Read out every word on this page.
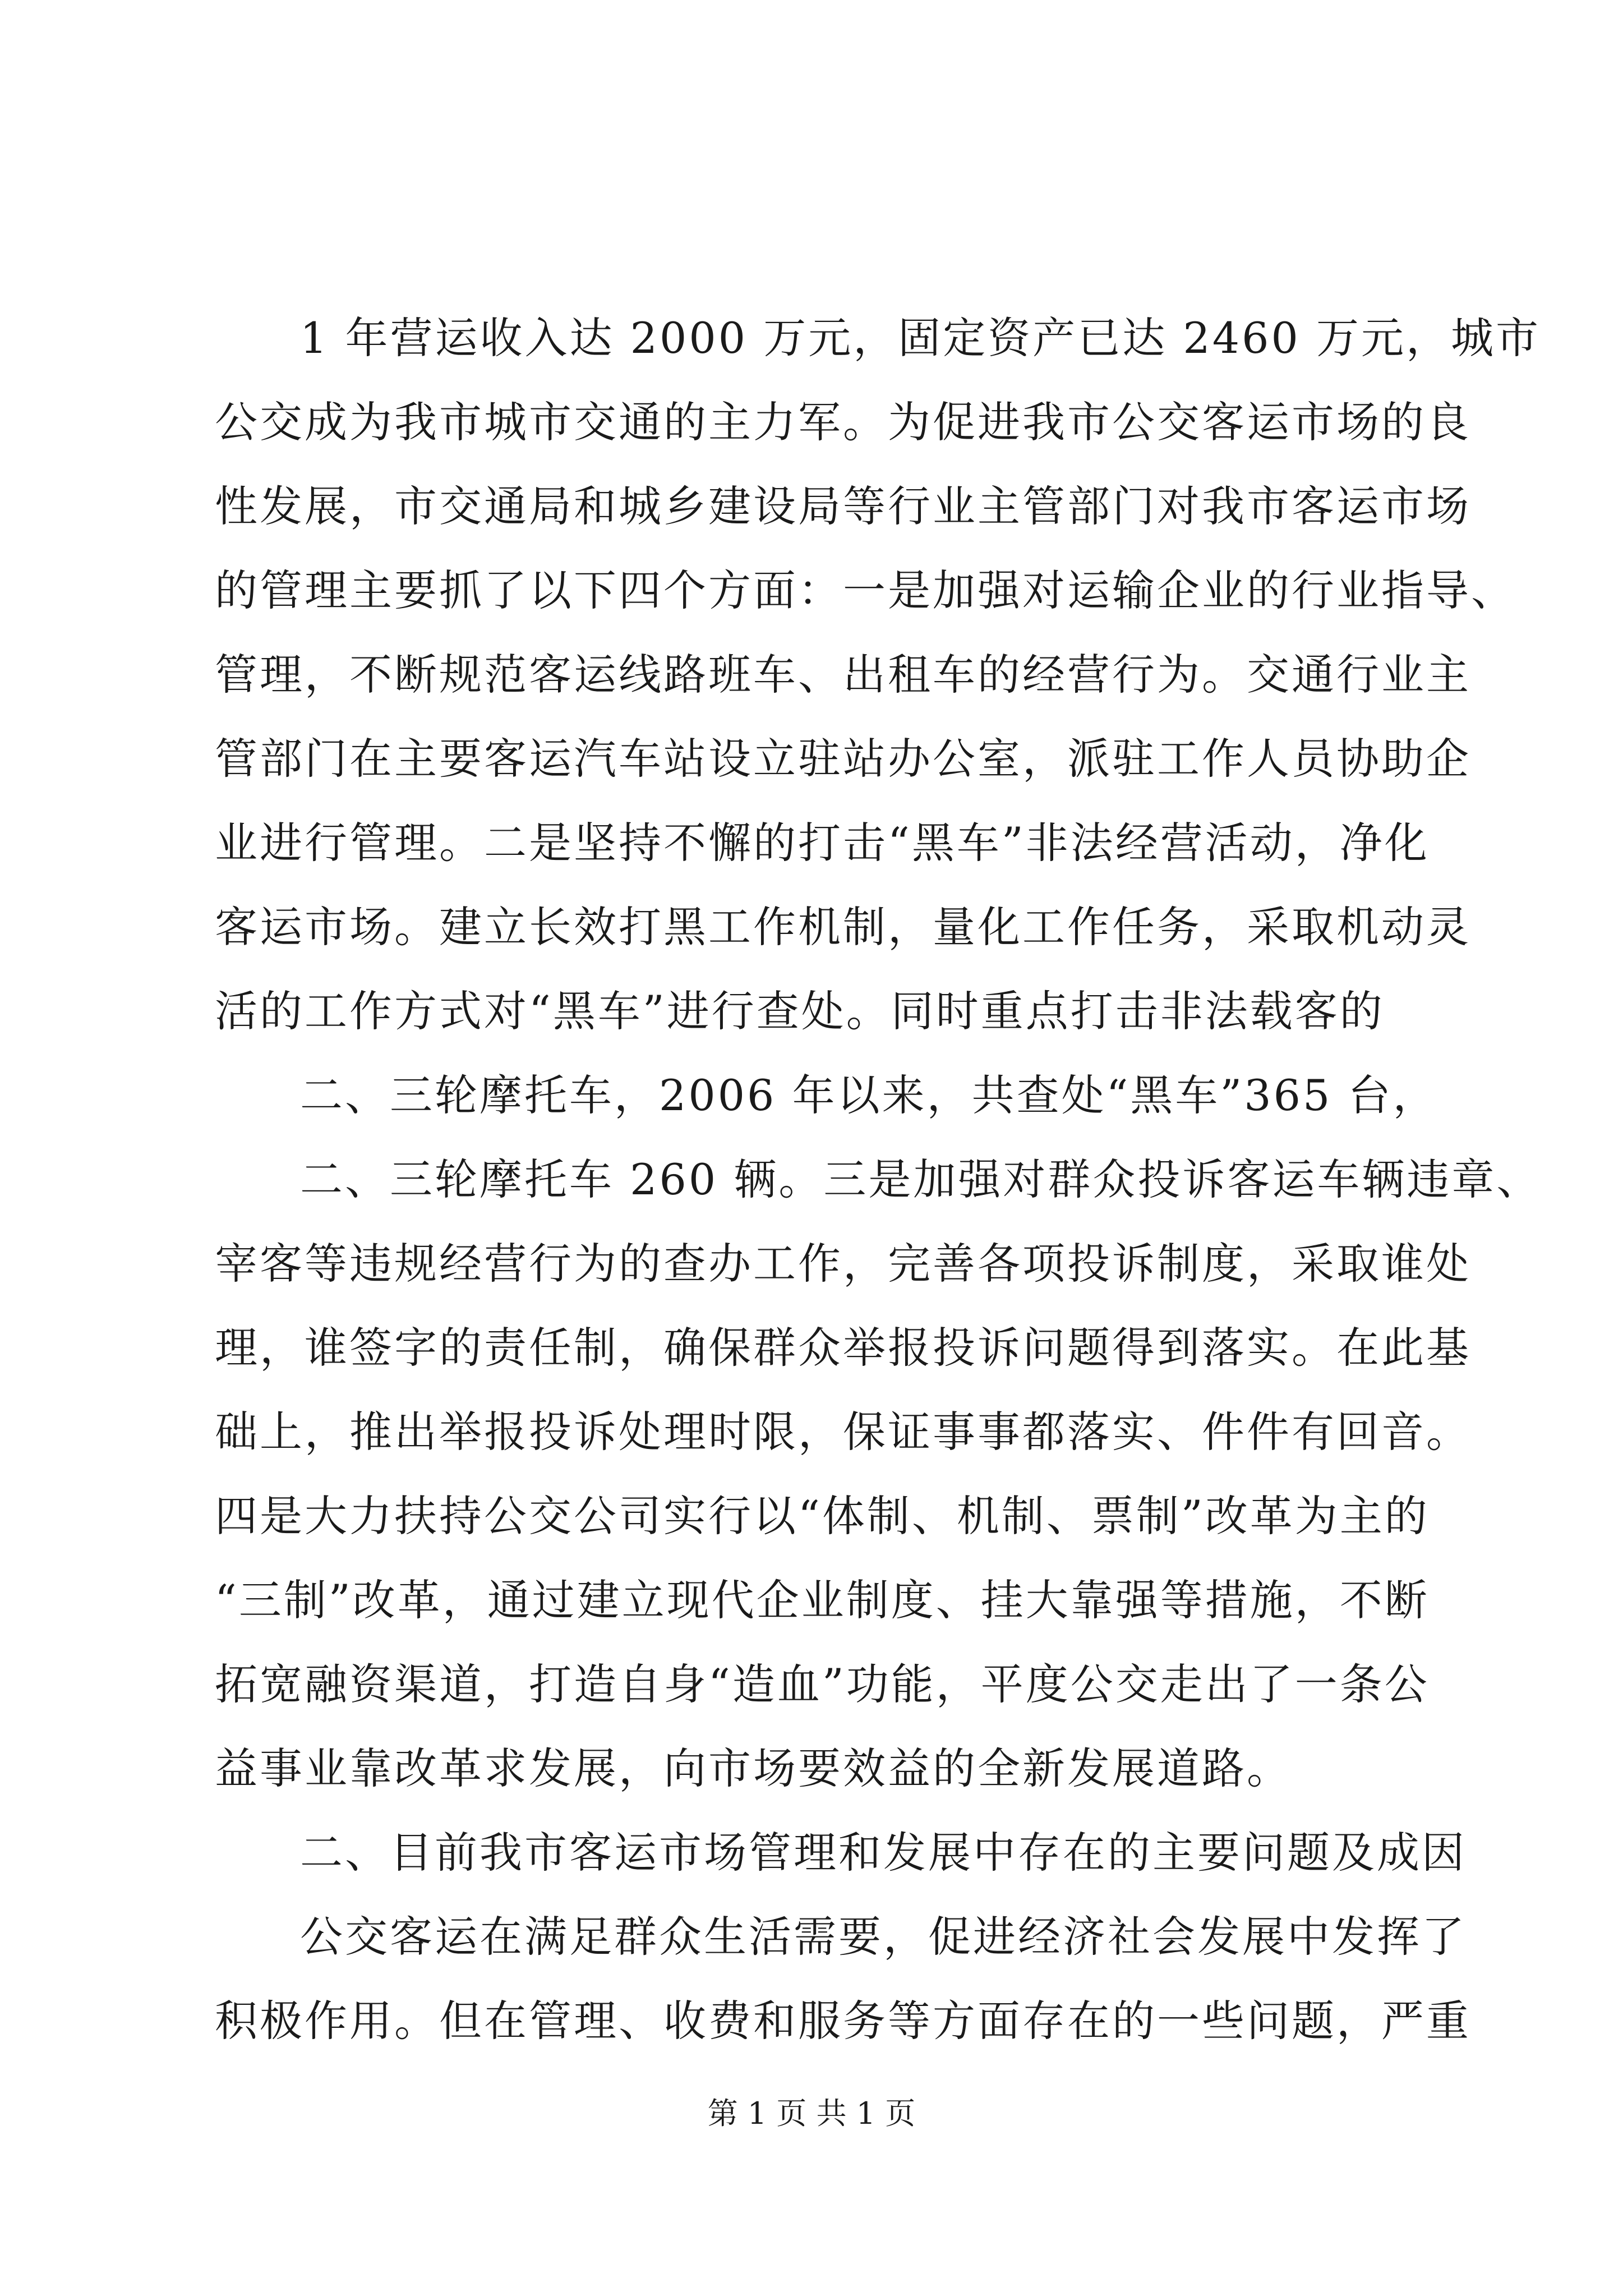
1 年营运收入达 2000 万元，固定资产已达 2460 万元，城市
公交成为我市城市交通的主力军。为促进我市公交客运市场的良
性发展，市交通局和城乡建设局等行业主管部门对我市客运市场
的管理主要抓了以下四个方面：一是加强对运输企业的行业指导、
管理，不断规范客运线路班车、出租车的经营行为。交通行业主
管部门在主要客运汽车站设立驻站办公室，派驻工作人员协助企
业进行管理。二是坚持不懈的打击“黑车”非法经营活动，净化
客运市场。建立长效打黑工作机制，量化工作任务，采取机动灵
活的工作方式对“黑车”进行查处。同时重点打击非法载客的
二、三轮摩托车，2006 年以来，共查处“黑车”365 台，
二、三轮摩托车 260 辆。三是加强对群众投诉客运车辆违章、
宰客等违规经营行为的查办工作，完善各项投诉制度，采取谁处
理，谁签字的责任制，确保群众举报投诉问题得到落实。在此基
础上，推出举报投诉处理时限，保证事事都落实、件件有回音。
四是大力扶持公交公司实行以“体制、机制、票制”改革为主的
“三制”改革，通过建立现代企业制度、挂大靠强等措施，不断
拓宽融资渠道，打造自身“造血”功能，平度公交走出了一条公
益事业靠改革求发展，向市场要效益的全新发展道路。
二、目前我市客运市场管理和发展中存在的主要问题及成因
公交客运在满足群众生活需要，促进经济社会发展中发挥了
积极作用。但在管理、收费和服务等方面存在的一些问题，严重
第 1 页 共 1 页
